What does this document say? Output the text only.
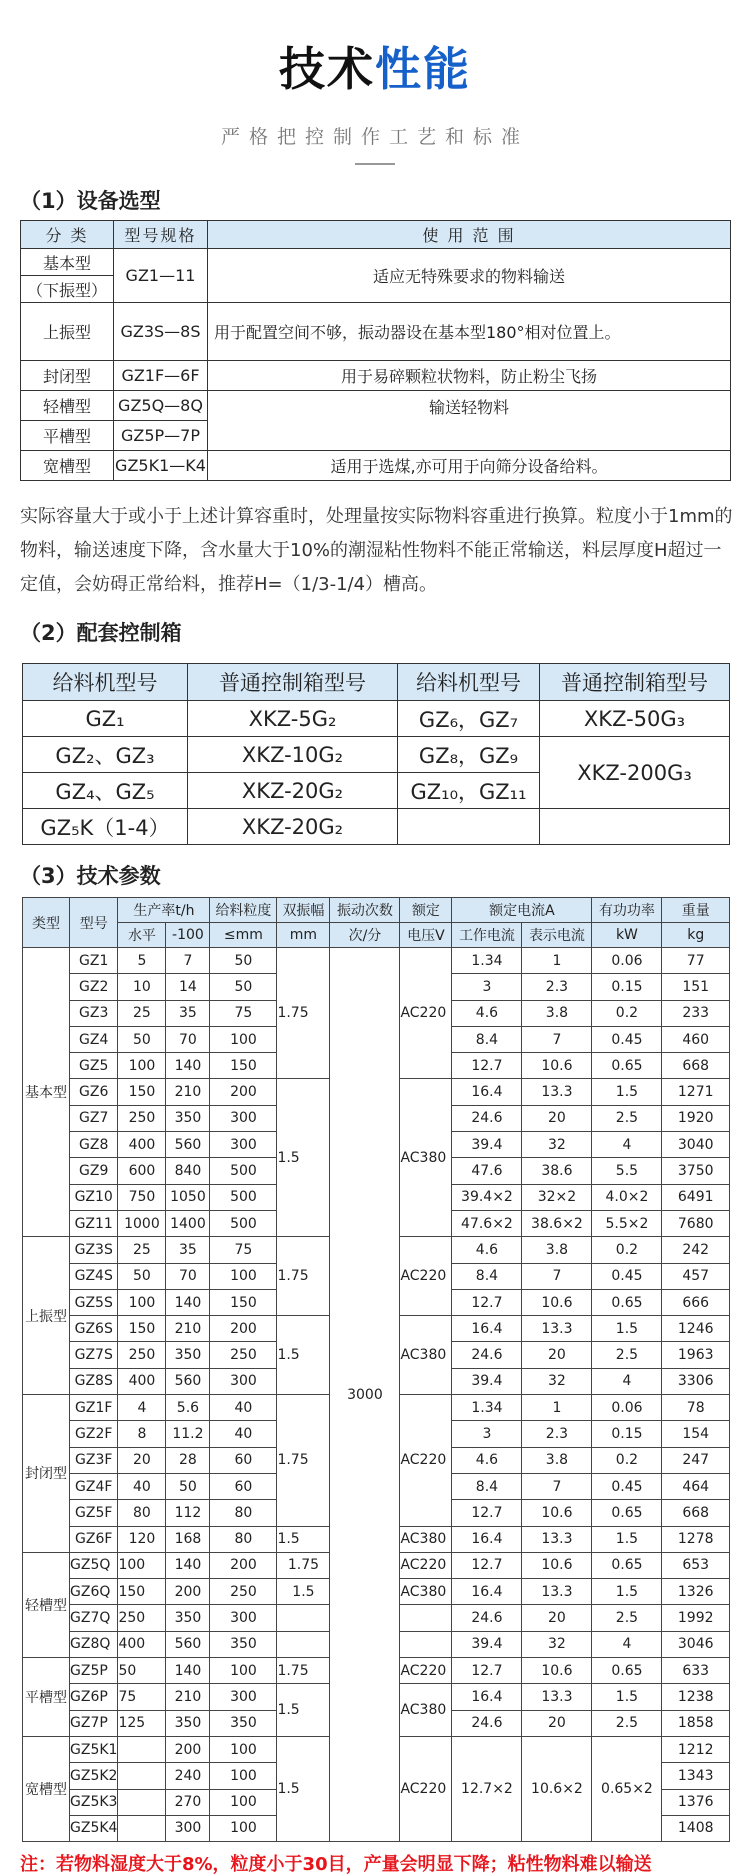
技术性能
严格把控制作工艺和标准
（1）设备选型
分 类	型号规格	使 用 范 围
基本型	GZ1—11	适应无特殊要求的物料输送
（下振型）		
上振型	GZ3S—8S	用于配置空间不够，振动器设在基本型180°相对位置上。
封闭型	GZ1F—6F	用于易碎颗粒状物料，防止粉尘飞扬
轻槽型	GZ5Q—8Q	输送轻物料
平槽型	GZ5P—7P	
宽槽型	GZ5K1—K4	适用于选煤,亦可用于向筛分设备给料。
实际容量大于或小于上述计算容重时，处理量按实际物料容重进行换算。粒度小于1mm的物料，输送速度下降，含水量大于10%的潮湿粘性物料不能正常输送，料层厚度H超过一定值，会妨碍正常给料，推荐H=（1/3-1/4）槽高。
（2）配套控制箱
给料机型号	普通控制箱型号	给料机型号	普通控制箱型号
GZ₁	XKZ-5G₂	GZ₆，GZ₇	XKZ-50G₃
GZ₂、GZ₃	XKZ-10G₂	GZ₈，GZ₉	XKZ-200G₃
GZ₄、GZ₅	XKZ-20G₂	GZ₁₀，GZ₁₁	
GZ₅K（1-4）	XKZ-20G₂		
（3）技术参数
类型	型号	生产率t/h		给料粒度	双振幅	振动次数	额定	额定电流A		有功功率	重量
		水平	-100	≤mm	mm	次/分	电压V	工作电流	表示电流	kW	kg
基本型	GZ1	5	7	50	1.75	3000	AC220	1.34	1	0.06	77
	GZ2	10	14	50				3	2.3	0.15	151
	GZ3	25	35	75				4.6	3.8	0.2	233
	GZ4	50	70	100				8.4	7	0.45	460
	GZ5	100	140	150				12.7	10.6	0.65	668
	GZ6	150	210	200	1.5		AC380	16.4	13.3	1.5	1271
	GZ7	250	350	300				24.6	20	2.5	1920
	GZ8	400	560	300				39.4	32	4	3040
	GZ9	600	840	500				47.6	38.6	5.5	3750
	GZ10	750	1050	500				39.4×2	32×2	4.0×2	6491
	GZ11	1000	1400	500				47.6×2	38.6×2	5.5×2	7680
上振型	GZ3S	25	35	75	1.75		AC220	4.6	3.8	0.2	242
	GZ4S	50	70	100				8.4	7	0.45	457
	GZ5S	100	140	150				12.7	10.6	0.65	666
	GZ6S	150	210	200	1.5		AC380	16.4	13.3	1.5	1246
	GZ7S	250	350	250				24.6	20	2.5	1963
	GZ8S	400	560	300				39.4	32	4	3306
封闭型	GZ1F	4	5.6	40	1.75		AC220	1.34	1	0.06	78
	GZ2F	8	11.2	40				3	2.3	0.15	154
	GZ3F	20	28	60				4.6	3.8	0.2	247
	GZ4F	40	50	60				8.4	7	0.45	464
	GZ5F	80	112	80				12.7	10.6	0.65	668
	GZ6F	120	168	80	1.5		AC380	16.4	13.3	1.5	1278
轻槽型	GZ5Q	100	140	200	1.75		AC220	12.7	10.6	0.65	653
	GZ6Q	150	200	250	1.5		AC380	16.4	13.3	1.5	1326
	GZ7Q	250	350	300				24.6	20	2.5	1992
	GZ8Q	400	560	350				39.4	32	4	3046
平槽型	GZ5P	50	140	100	1.75		AC220	12.7	10.6	0.65	633
	GZ6P	75	210	300	1.5		AC380	16.4	13.3	1.5	1238
	GZ7P	125	350	350				24.6	20	2.5	1858
宽槽型	GZ5K1		200	100	1.5		AC220	12.7×2	10.6×2	0.65×2	1212
	GZ5K2		240	100							1343
	GZ5K3		270	100							1376
	GZ5K4		300	100							1408
注：若物料湿度大于8%，粒度小于30目，产量会明显下降；粘性物料难以输送
